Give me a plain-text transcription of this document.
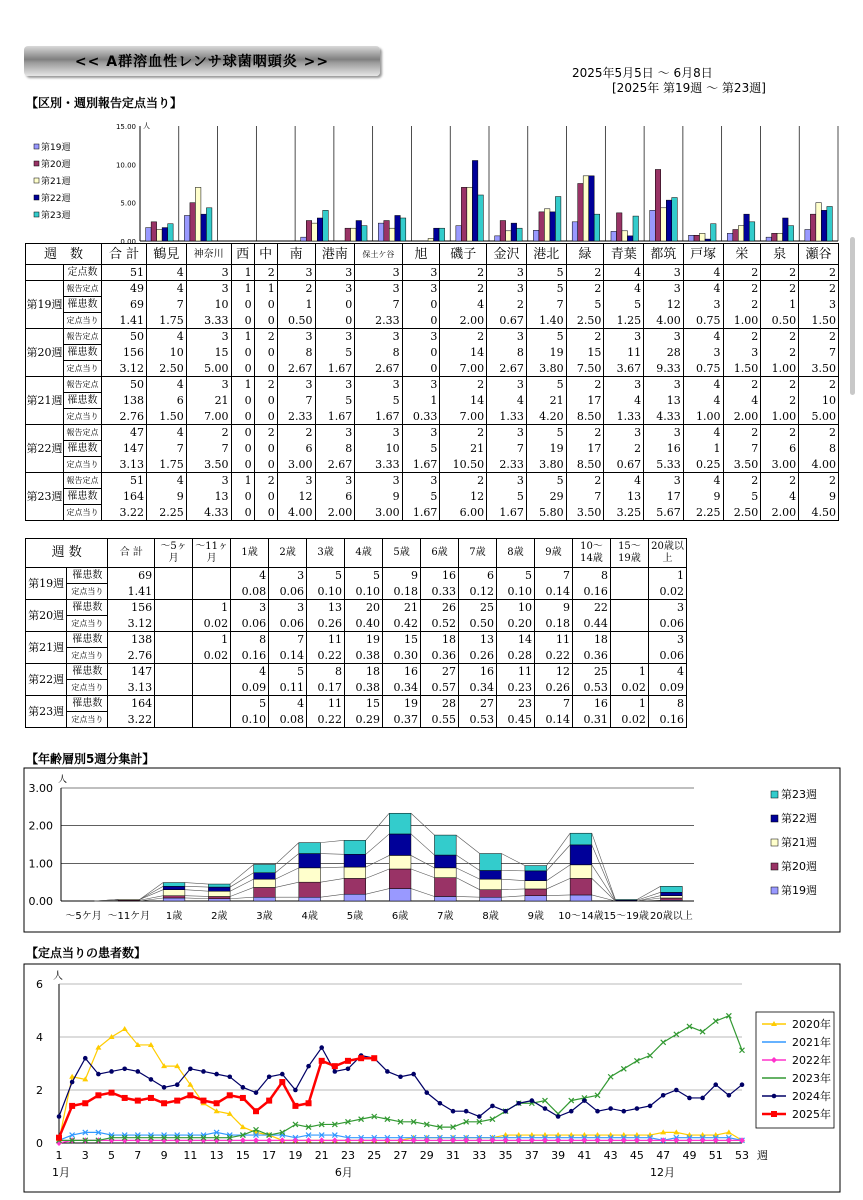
<< A群溶血性レンサ球菌咽頭炎 >>
2025年5月5日 ～ 6月8日
[2025年 第19週 ～ 第23週]
【区別・週別報告定点当り】
15.00
10.00
5.00
0.00
人
第19週
第20週
第21週
第22週
第23週
週　数		合 計	鶴見	神奈川	西	中	南	港南	保土ケ谷	旭	磯子	金沢	港北	緑	青葉	都筑	戸塚	栄	泉	瀬谷
	定点数	51	4	3	1	2	3	3	3	3	2	3	5	2	4	3	4	2	2	2
第19週	報告定点	49	4	3	1	1	2	3	3	3	2	3	5	2	4	3	4	2	2	2
	罹患数	69	7	10	0	0	1	0	7	0	4	2	7	5	5	12	3	2	1	3
	定点当り	1.41	1.75	3.33	0	0	0.50	0	2.33	0	2.00	0.67	1.40	2.50	1.25	4.00	0.75	1.00	0.50	1.50
第20週	報告定点	50	4	3	1	2	3	3	3	3	2	3	5	2	3	3	4	2	2	2
	罹患数	156	10	15	0	0	8	5	8	0	14	8	19	15	11	28	3	3	2	7
	定点当り	3.12	2.50	5.00	0	0	2.67	1.67	2.67	0	7.00	2.67	3.80	7.50	3.67	9.33	0.75	1.50	1.00	3.50
第21週	報告定点	50	4	3	1	2	3	3	3	3	2	3	5	2	3	3	4	2	2	2
	罹患数	138	6	21	0	0	7	5	5	1	14	4	21	17	4	13	4	4	2	10
	定点当り	2.76	1.50	7.00	0	0	2.33	1.67	1.67	0.33	7.00	1.33	4.20	8.50	1.33	4.33	1.00	2.00	1.00	5.00
第22週	報告定点	47	4	2	0	2	2	3	3	3	2	3	5	2	3	3	4	2	2	2
	罹患数	147	7	7	0	0	6	8	10	5	21	7	19	17	2	16	1	7	6	8
	定点当り	3.13	1.75	3.50	0	0	3.00	2.67	3.33	1.67	10.50	2.33	3.80	8.50	0.67	5.33	0.25	3.50	3.00	4.00
第23週	報告定点	51	4	3	1	2	3	3	3	3	2	3	5	2	4	3	4	2	2	2
	罹患数	164	9	13	0	0	12	6	9	5	12	5	29	7	13	17	9	5	4	9
	定点当り	3.22	2.25	4.33	0	0	4.00	2.00	3.00	1.67	6.00	1.67	5.80	3.50	3.25	5.67	2.25	2.50	2.00	4.50
週 数		合 計	～5ヶ月	～11ヶ月	1歳	2歳	3歳	4歳	5歳	6歳	7歳	8歳	9歳	10～14歳	15～19歳	20歳以上
第19週	罹患数	69			4	3	5	5	9	16	6	5	7	8		1
	定点当り	1.41			0.08	0.06	0.10	0.10	0.18	0.33	0.12	0.10	0.14	0.16		0.02
第20週	罹患数	156		1	3	3	13	20	21	26	25	10	9	22		3
	定点当り	3.12		0.02	0.06	0.06	0.26	0.40	0.42	0.52	0.50	0.20	0.18	0.44		0.06
第21週	罹患数	138		1	8	7	11	19	15	18	13	14	11	18		3
	定点当り	2.76		0.02	0.16	0.14	0.22	0.38	0.30	0.36	0.26	0.28	0.22	0.36		0.06
第22週	罹患数	147			4	5	8	18	16	27	16	11	12	25	1	4
	定点当り	3.13			0.09	0.11	0.17	0.38	0.34	0.57	0.34	0.23	0.26	0.53	0.02	0.09
第23週	罹患数	164			5	4	11	15	19	28	27	23	7	16	1	8
	定点当り	3.22			0.10	0.08	0.22	0.29	0.37	0.55	0.53	0.45	0.14	0.31	0.02	0.16
【年齢層別5週分集計】
3.00
2.00
1.00
0.00
人
～5ケ月 ～11ケ月 1歳	2歳	3歳	4歳	5歳	6歳	7歳	8歳	9歳 10～14歳 15～19歳 20歳以上
第23週
第22週
第21週
第20週
第19週
【定点当りの患者数】
0
2
4
6
人
1 3 5 7 9 11 13 15 17 19 21 23 25 27 29 31 33 35 37 39 41 43 45 47 49 51 53 週
1月	6月	12月
2020年
2021年
2022年
2023年
2024年
2025年
